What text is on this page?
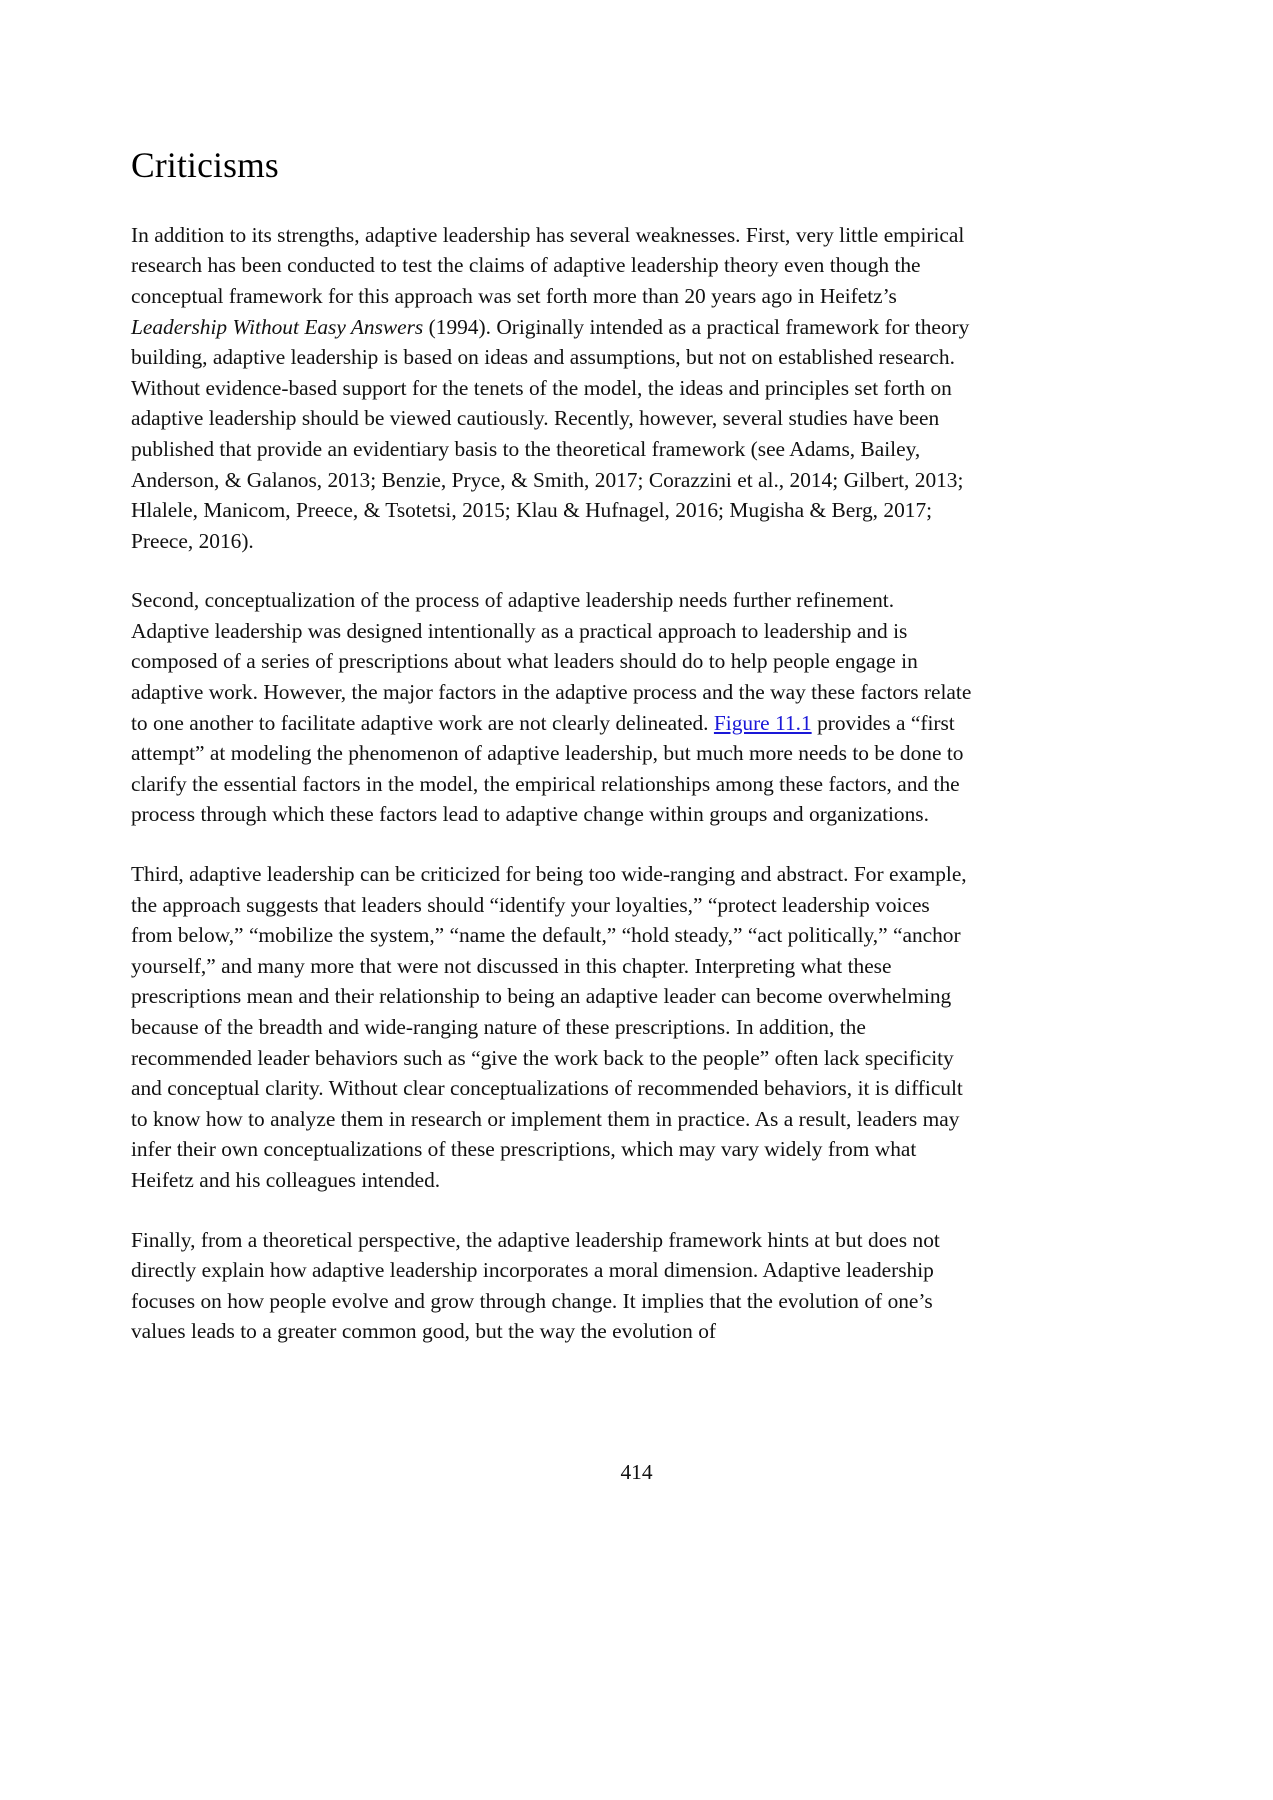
Criticisms

In addition to its strengths, adaptive leadership has several weaknesses. First, very little empirical research has been conducted to test the claims of adaptive leadership theory even though the conceptual framework for this approach was set forth more than 20 years ago in Heifetz’s Leadership Without Easy Answers (1994). Originally intended as a practical framework for theory building, adaptive leadership is based on ideas and assumptions, but not on established research. Without evidence-based support for the tenets of the model, the ideas and principles set forth on adaptive leadership should be viewed cautiously. Recently, however, several studies have been published that provide an evidentiary basis to the theoretical framework (see Adams, Bailey, Anderson, & Galanos, 2013; Benzie, Pryce, & Smith, 2017; Corazzini et al., 2014; Gilbert, 2013; Hlalele, Manicom, Preece, & Tsotetsi, 2015; Klau & Hufnagel, 2016; Mugisha & Berg, 2017; Preece, 2016).

Second, conceptualization of the process of adaptive leadership needs further refinement. Adaptive leadership was designed intentionally as a practical approach to leadership and is composed of a series of prescriptions about what leaders should do to help people engage in adaptive work. However, the major factors in the adaptive process and the way these factors relate to one another to facilitate adaptive work are not clearly delineated. Figure 11.1 provides a “first attempt” at modeling the phenomenon of adaptive leadership, but much more needs to be done to clarify the essential factors in the model, the empirical relationships among these factors, and the process through which these factors lead to adaptive change within groups and organizations.

Third, adaptive leadership can be criticized for being too wide-ranging and abstract. For example, the approach suggests that leaders should “identify your loyalties,” “protect leadership voices from below,” “mobilize the system,” “name the default,” “hold steady,” “act politically,” “anchor yourself,” and many more that were not discussed in this chapter. Interpreting what these prescriptions mean and their relationship to being an adaptive leader can become overwhelming because of the breadth and wide-ranging nature of these prescriptions. In addition, the recommended leader behaviors such as “give the work back to the people” often lack specificity and conceptual clarity. Without clear conceptualizations of recommended behaviors, it is difficult to know how to analyze them in research or implement them in practice. As a result, leaders may infer their own conceptualizations of these prescriptions, which may vary widely from what Heifetz and his colleagues intended.

Finally, from a theoretical perspective, the adaptive leadership framework hints at but does not directly explain how adaptive leadership incorporates a moral dimension. Adaptive leadership focuses on how people evolve and grow through change. It implies that the evolution of one’s values leads to a greater common good, but the way the evolution of

414
